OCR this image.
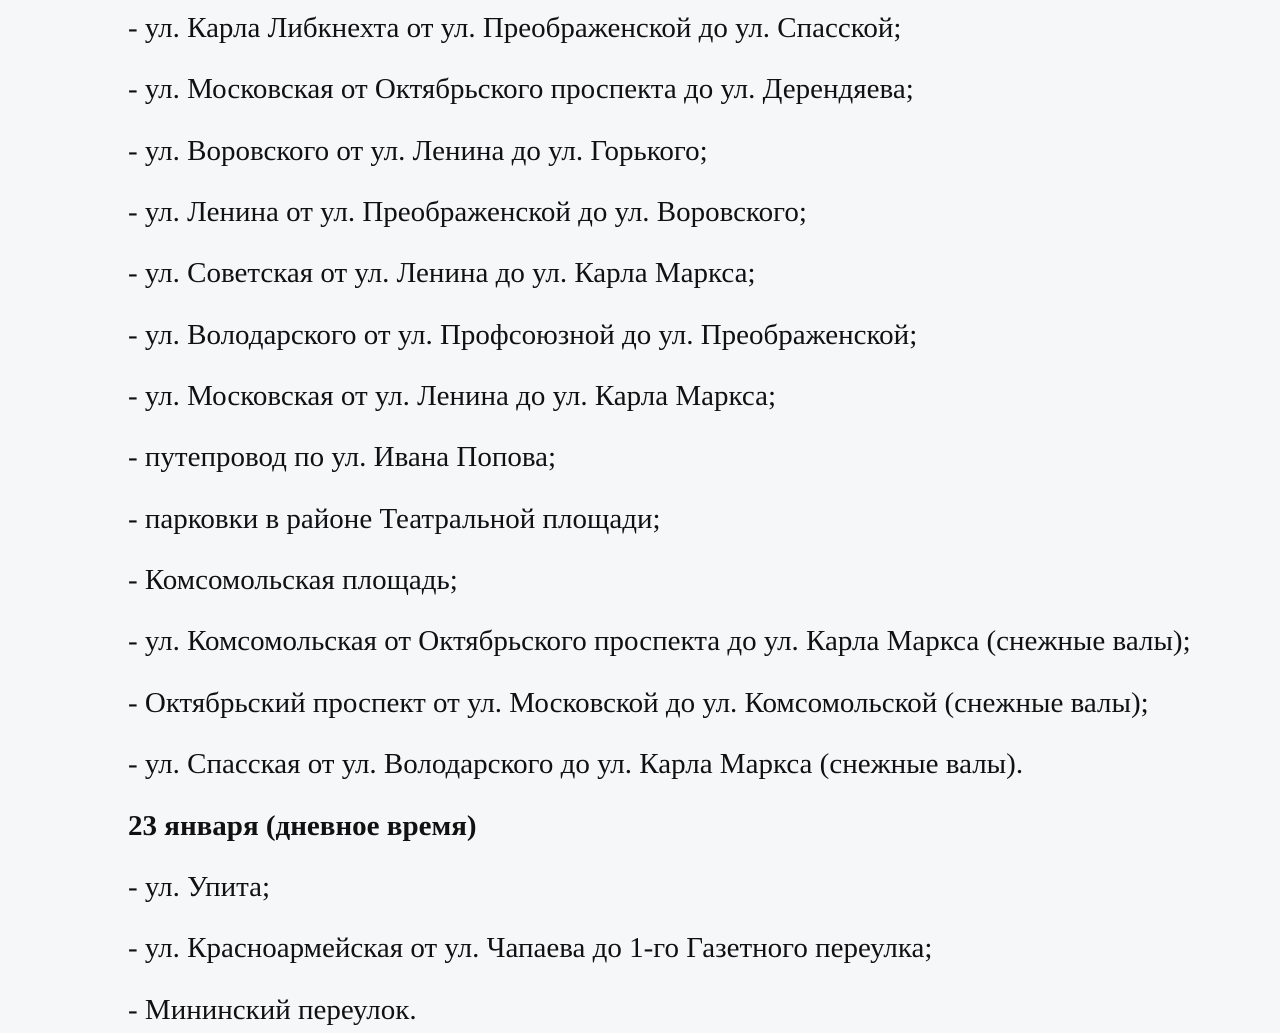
- ул. Карла Либкнехта от ул. Преображенской до ул. Спасской;

- ул. Московская от Октябрьского проспекта до ул. Дерендяева;

- ул. Воровского от ул. Ленина до ул. Горького;

- ул. Ленина от ул. Преображенской до ул. Воровского;

- ул. Советская от ул. Ленина до ул. Карла Маркса;

- ул. Володарского от ул. Профсоюзной до ул. Преображенской;

- ул. Московская от ул. Ленина до ул. Карла Маркса;

- путепровод по ул. Ивана Попова;

- парковки в районе Театральной площади;

- Комсомольская площадь;

- ул. Комсомольская от Октябрьского проспекта до ул. Карла Маркса (снежные валы);

- Октябрьский проспект от ул. Московской до ул. Комсомольской (снежные валы);

- ул. Спасская от ул. Володарского до ул. Карла Маркса (снежные валы).

23 января (дневное время)

- ул. Упита;

- ул. Красноармейская от ул. Чапаева до 1-го Газетного переулка;

- Мининский переулок.
